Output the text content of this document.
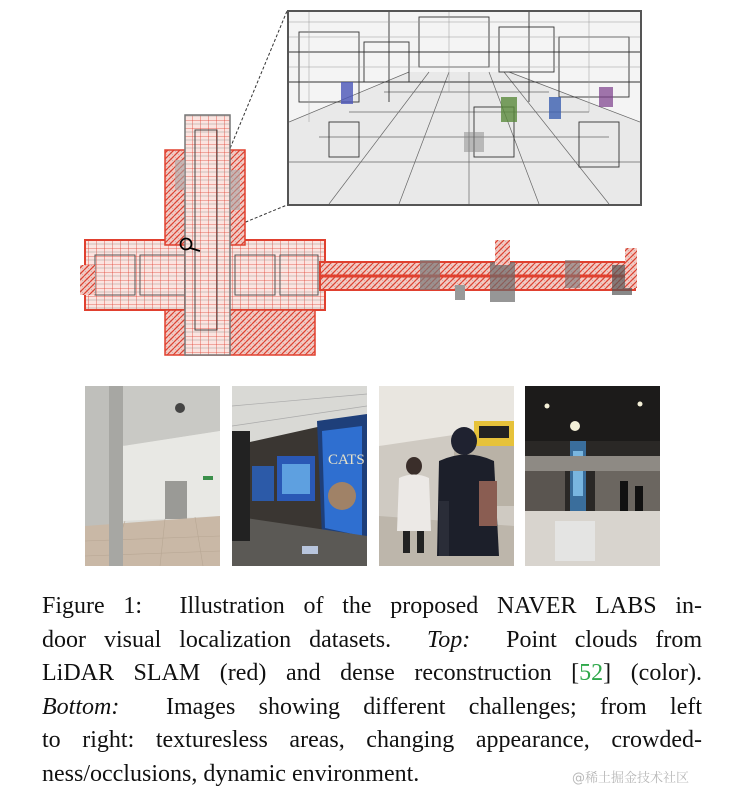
CATS
Figure 1: Illustration of the proposed NAVER LABS in-
door visual localization datasets. Top: Point clouds from
LiDAR SLAM (red) and dense reconstruction [52] (color).
Bottom: Images showing different challenges; from left
to right: texturesless areas, changing appearance, crowded-
ness/occlusions, dynamic environment.	@稀土掘金技术社区
